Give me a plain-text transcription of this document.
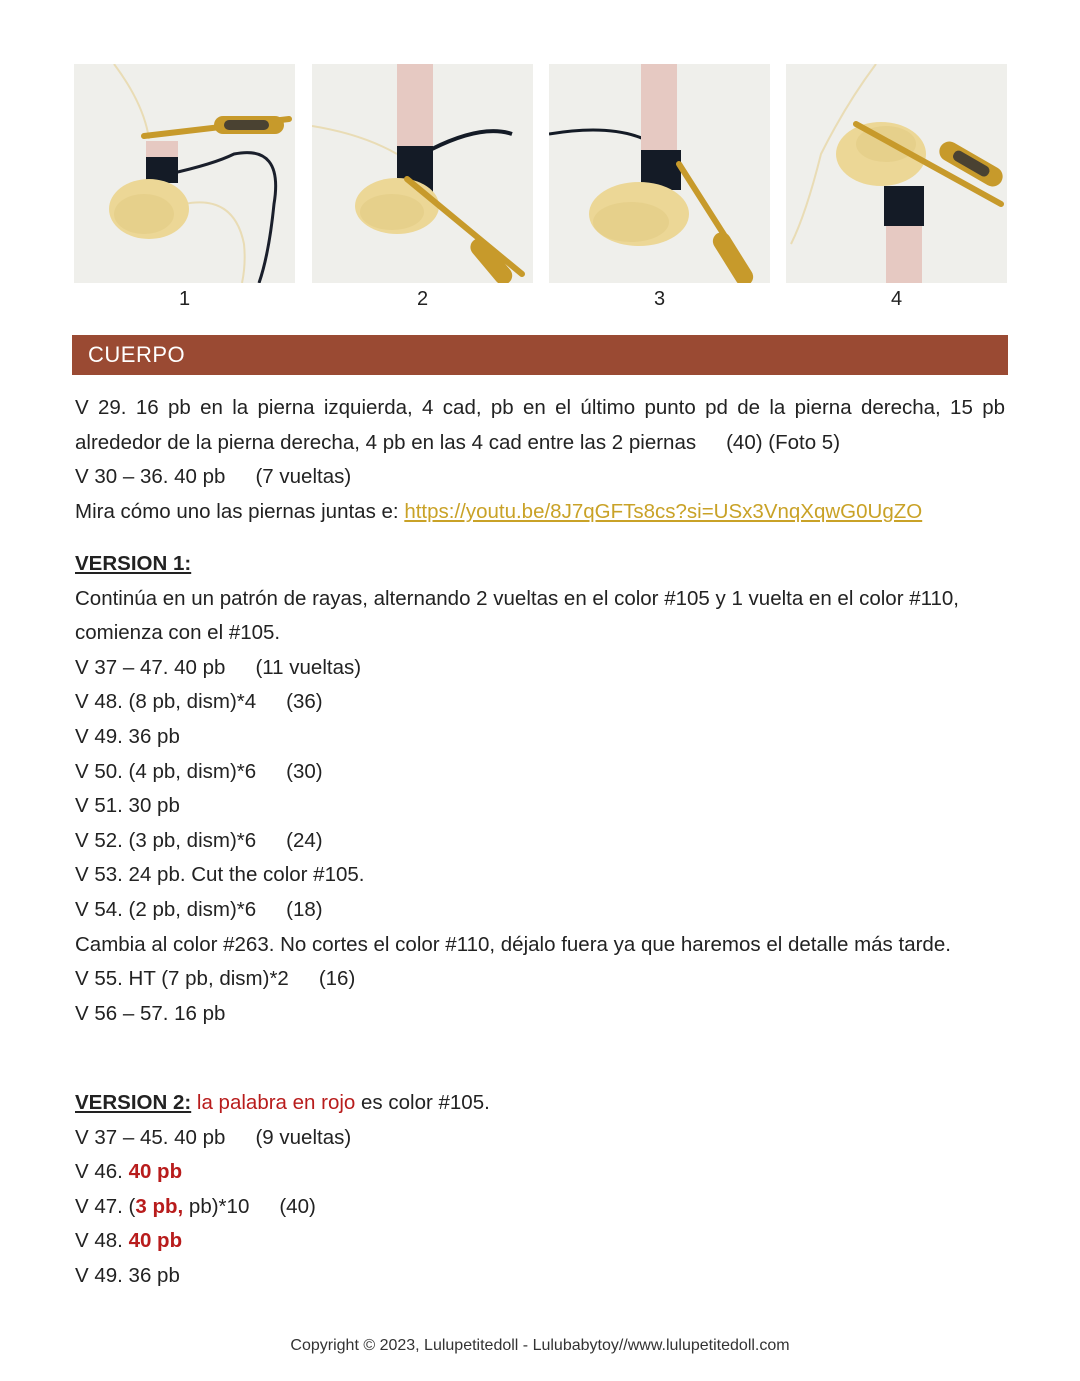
1	2	3	4
CUERPO
V 29. 16 pb en la pierna izquierda, 4 cad, pb en el último punto pd de la pierna derecha, 15 pb alrededor de la pierna derecha, 4 pb en las 4 cad entre las 2 piernas (40) (Foto 5)
V 30 – 36. 40 pb (7 vueltas)
Mira cómo uno las piernas juntas e: https://youtu.be/8J7qGFTs8cs?si=USx3VnqXqwG0UgZO
VERSION 1:
Continúa en un patrón de rayas, alternando 2 vueltas en el color #105 y 1 vuelta en el color #110, comienza con el #105.
V 37 – 47. 40 pb (11 vueltas)
V 48. (8 pb, dism)*4 (36)
V 49. 36 pb
V 50. (4 pb, dism)*6 (30)
V 51. 30 pb
V 52. (3 pb, dism)*6 (24)
V 53. 24 pb. Cut the color #105.
V 54. (2 pb, dism)*6 (18)
Cambia al color #263. No cortes el color #110, déjalo fuera ya que haremos el detalle más tarde.
V 55. HT (7 pb, dism)*2 (16)
V 56 – 57. 16 pb
VERSION 2: la palabra en rojo es color #105.
V 37 – 45. 40 pb (9 vueltas)
V 46. 40 pb
V 47. (3 pb, pb)*10 (40)
V 48. 40 pb
V 49. 36 pb
Copyright © 2023, Lulupetitedoll - Lulubabytoy//www.lulupetitedoll.com
